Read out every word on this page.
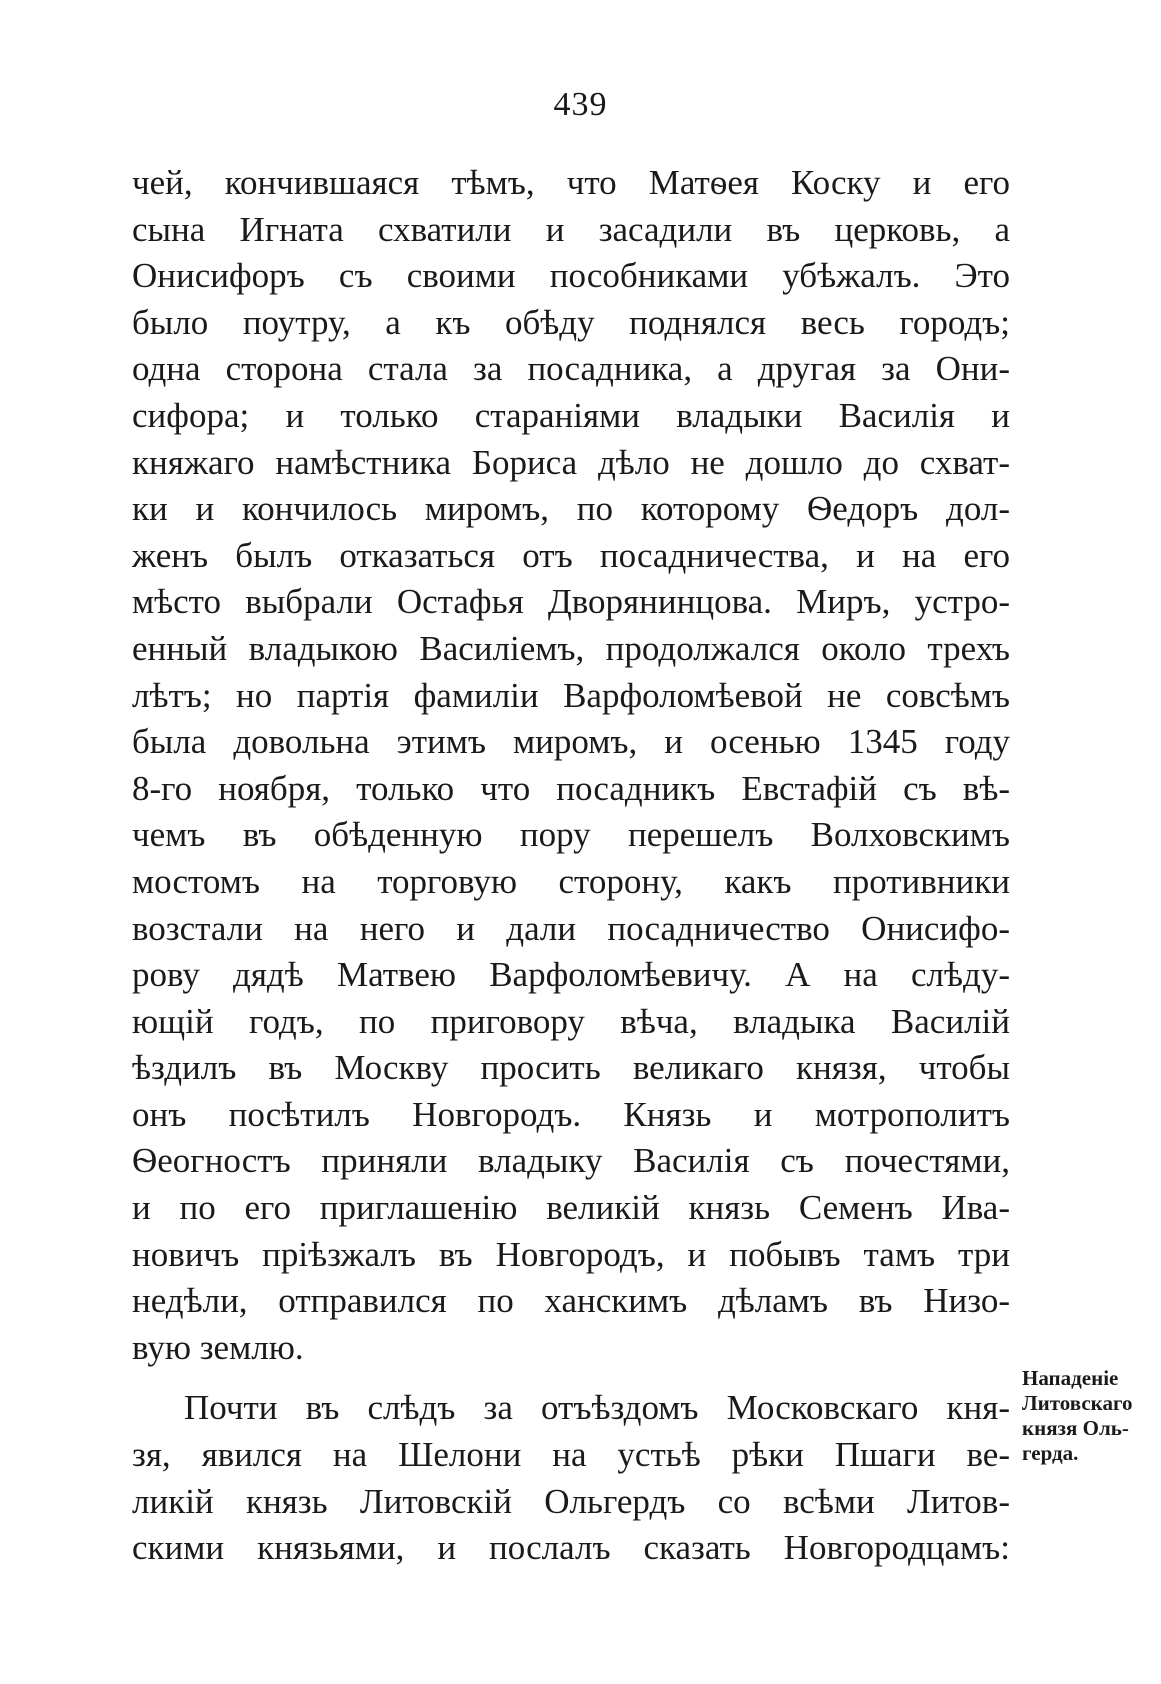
439
чей, кончившаяся тѣмъ, что Матѳея Коску и его
сына Игната схватили и засадили въ церковь, а
Онисифоръ съ своими пособниками убѣжалъ. Это
было поутру, а къ обѣду поднялся весь городъ;
одна сторона стала за посадника, а другая за Они-
сифора; и только стараніями владыки Василія и
княжаго намѣстника Бориса дѣло не дошло до схват-
ки и кончилось миромъ, по которому Ѳедоръ дол-
женъ былъ отказаться отъ посадничества, и на его
мѣсто выбрали Остафья Дворянинцова. Миръ, устро-
енный владыкою Василіемъ, продолжался около трехъ
лѣтъ; но партія фамиліи Варфоломѣевой не совсѣмъ
была довольна этимъ миромъ, и осенью 1345 году
8-го ноября, только что посадникъ Евстафій съ вѣ-
чемъ въ обѣденную пору перешелъ Волховскимъ
мостомъ на торговую сторону, какъ противники
возстали на него и дали посадничество Онисифо-
рову дядѣ Матвею Варфоломѣевичу. А на слѣду-
ющій годъ, по приговору вѣча, владыка Василій
ѣздилъ въ Москву просить великаго князя, чтобы
онъ посѣтилъ Новгородъ. Князь и мотрополитъ
Ѳеогностъ приняли владыку Василія съ почестями,
и по его приглашенію великій князь Семенъ Ива-
новичъ пріѣзжалъ въ Новгородъ, и побывъ тамъ три
недѣли, отправился по ханскимъ дѣламъ въ Низо-
вую землю.
Почти въ слѣдъ за отъѣздомъ Московскаго кня-
зя, явился на Шелони на устьѣ рѣки Пшаги ве-
ликій князь Литовскій Ольгердъ со всѣми Литов-
скими князьями, и послалъ сказать Новгородцамъ:
Нападеніе
Литовскаго
князя Оль-
герда.
